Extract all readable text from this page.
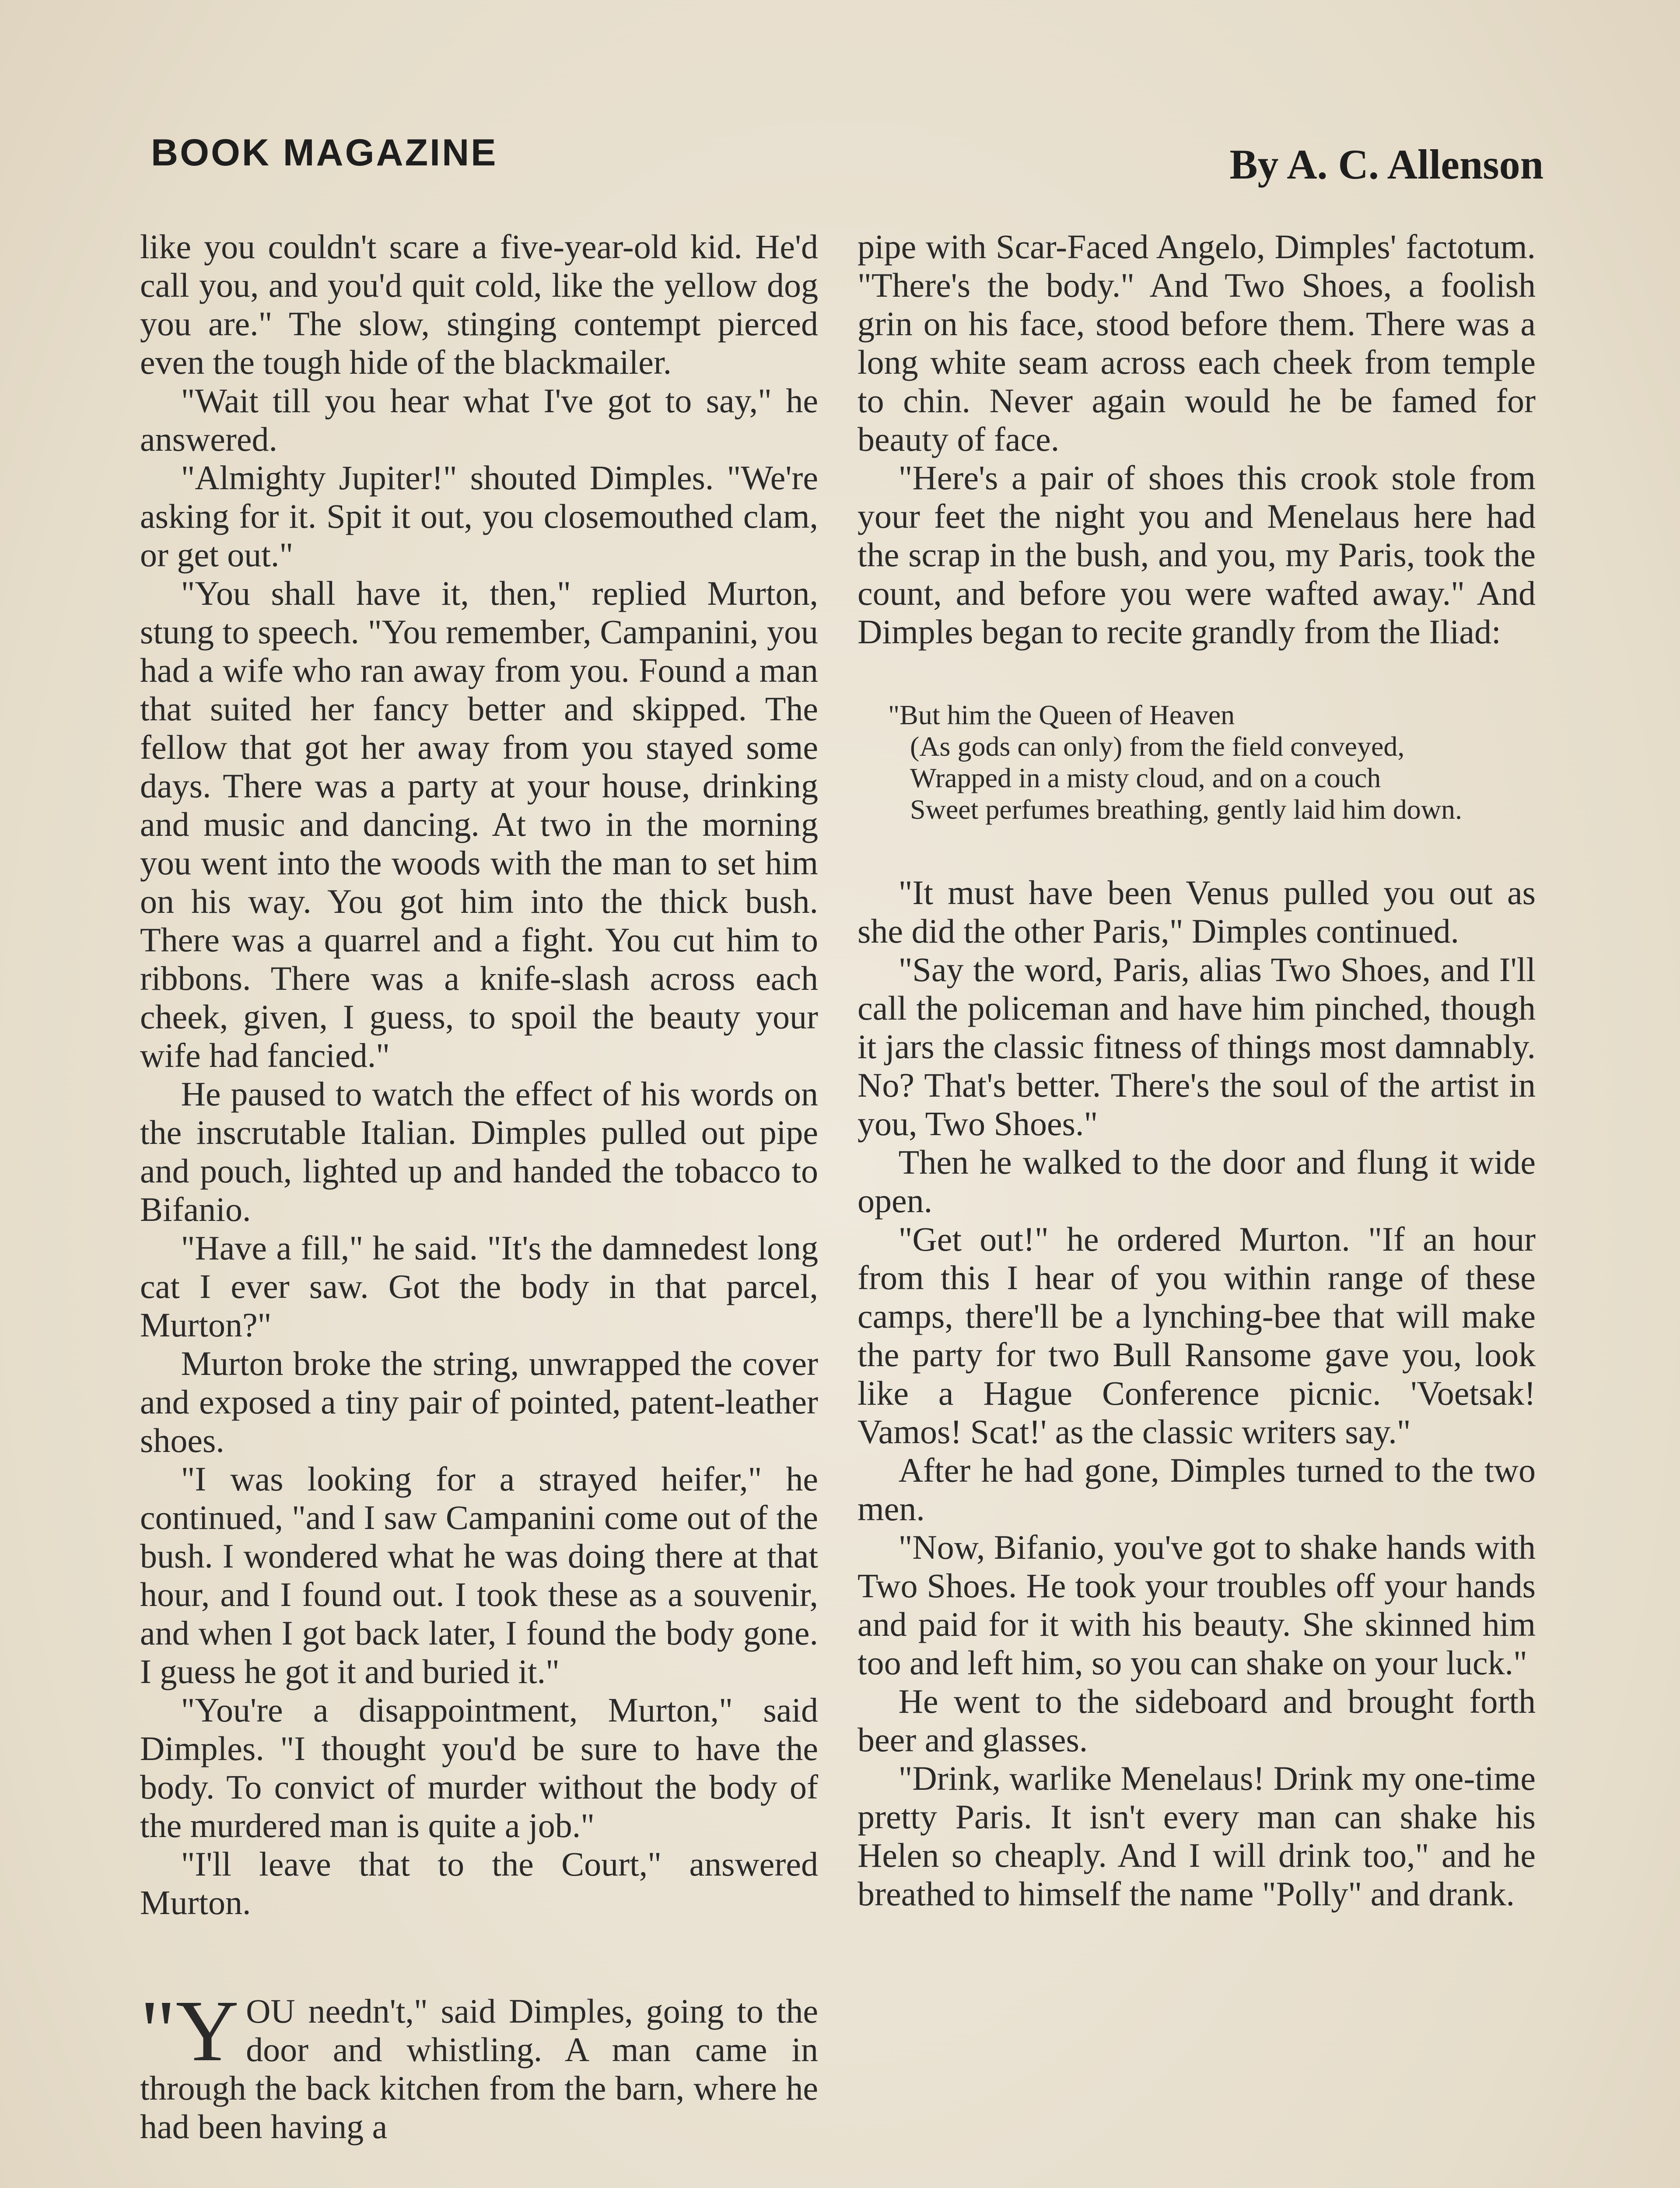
BOOK MAGAZINE	By A. C. Allenson

like you couldn't scare a five-year-old kid. He'd call you, and you'd quit cold, like the yellow dog you are." The slow, stinging contempt pierced even the tough hide of the blackmailer.

"Wait till you hear what I've got to say," he answered.

"Almighty Jupiter!" shouted Dimples. "We're asking for it. Spit it out, you closemouthed clam, or get out."

"You shall have it, then," replied Murton, stung to speech. "You remember, Campanini, you had a wife who ran away from you. Found a man that suited her fancy better and skipped. The fellow that got her away from you stayed some days. There was a party at your house, drinking and music and dancing. At two in the morning you went into the woods with the man to set him on his way. You got him into the thick bush. There was a quarrel and a fight. You cut him to ribbons. There was a knife-slash across each cheek, given, I guess, to spoil the beauty your wife had fancied."

He paused to watch the effect of his words on the inscrutable Italian. Dimples pulled out pipe and pouch, lighted up and handed the tobacco to Bifanio.

"Have a fill," he said. "It's the damnedest long cat I ever saw. Got the body in that parcel, Murton?"

Murton broke the string, unwrapped the cover and exposed a tiny pair of pointed, patent-leather shoes.

"I was looking for a strayed heifer," he continued, "and I saw Campanini come out of the bush. I wondered what he was doing there at that hour, and I found out. I took these as a souvenir, and when I got back later, I found the body gone. I guess he got it and buried it."

"You're a disappointment, Murton," said Dimples. "I thought you'd be sure to have the body. To convict of murder without the body of the murdered man is quite a job."

"I'll leave that to the Court," answered Murton.

"YOU needn't," said Dimples, going to the door and whistling. A man came in through the back kitchen from the barn, where he had been having a

pipe with Scar-Faced Angelo, Dimples' factotum. "There's the body." And Two Shoes, a foolish grin on his face, stood before them. There was a long white seam across each cheek from temple to chin. Never again would he be famed for beauty of face.

"Here's a pair of shoes this crook stole from your feet the night you and Menelaus here had the scrap in the bush, and you, my Paris, took the count, and before you were wafted away." And Dimples began to recite grandly from the Iliad:

"But him the Queen of Heaven
(As gods can only) from the field conveyed,
Wrapped in a misty cloud, and on a couch
Sweet perfumes breathing, gently laid him down.

"It must have been Venus pulled you out as she did the other Paris," Dimples continued.

"Say the word, Paris, alias Two Shoes, and I'll call the policeman and have him pinched, though it jars the classic fitness of things most damnably. No? That's better. There's the soul of the artist in you, Two Shoes."

Then he walked to the door and flung it wide open.

"Get out!" he ordered Murton. "If an hour from this I hear of you within range of these camps, there'll be a lynching-bee that will make the party for two Bull Ransome gave you, look like a Hague Conference picnic. 'Voetsak! Vamos! Scat!' as the classic writers say."

After he had gone, Dimples turned to the two men.

"Now, Bifanio, you've got to shake hands with Two Shoes. He took your troubles off your hands and paid for it with his beauty. She skinned him too and left him, so you can shake on your luck."

He went to the sideboard and brought forth beer and glasses.

"Drink, warlike Menelaus! Drink my one-time pretty Paris. It isn't every man can shake his Helen so cheaply. And I will drink too," and he breathed to himself the name "Polly" and drank.
